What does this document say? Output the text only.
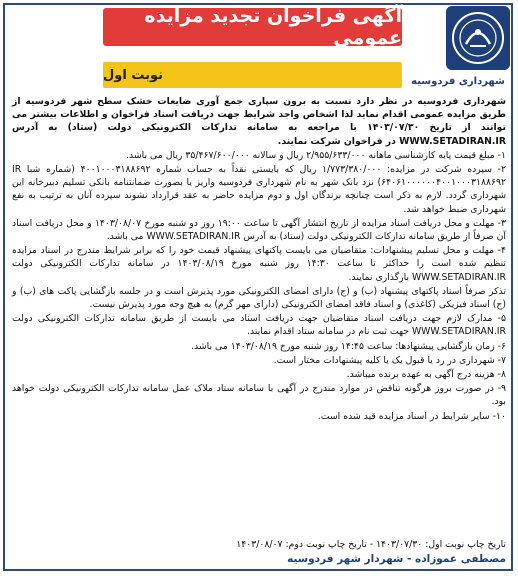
شهرداری فردوسیه
آگهی فراخوان تجدید مزایده عمومی
نوبت اول

شهرداری فردوسیه در نظر دارد نسبت به برون سپاری جمع آوری ضایعات خشک سطح شهر فردوسیه از طریق مزایده عمومی اقدام نماید لذا اشخاص واجد شرایط جهت دریافت اسناد فراخوان و اطلاعات بیشتر می توانند از تاریخ ۱۴۰۳/۰۷/۳۰ با مراجعه به سامانه تدارکات الکترونیکی دولت (ستاد) به آدرس WWW.SETADIRAN.IR در فراخوان شرکت نمایند.

۱- مبلغ قیمت پایه کارشناسی ماهانه ۲/۹۵۵/۶۳۳/۰۰۰ ریال و سالانه ۳۵/۴۶۷/۶۰۰/۰۰۰ ریال می باشد.

۲- سپرده شرکت در مزایده: ۱/۷۷۳/۳۸۰/۰۰۰ ریال که بایستی نقداً به حساب شماره ۴۰۰۱۰۰۰۳۱۸۸۶۹۲ (شماره شبا IR ۶۴۰۶۱۰۰۰۰۰۰۴۰۰۱۰۰۰۳۱۸۸۶۹۲) نزد بانک شهر به نام شهرداری فردوسیه واریز یا بصورت ضمانتنامه بانکی تسلیم دبیرخانه این شهرداری گردد. لازم به ذکر است چنانچه برندگان اول و دوم مزایده حاضر به عقد قرارداد نشوند سپرده آنان به ترتیب به نفع شهرداری ضبط خواهد شد.

۳- مهلت و محل دریافت اسناد مزایده از تاریخ انتشار آگهی تا ساعت ۱۹:۰۰ روز دو شنبه مورخ ۱۴۰۳/۰۸/۰۷ و محل دریافت اسناد آن صرفاً از طریق سامانه تدارکات الکترونیکی دولت (ستاد) به آدرس WWW.SETADIRAN.IR می باشد.

۴- مهلت و محل تسلیم پیشنهادات: متقاضیان می بایست پاکتهای پیشنهاد قیمت خود را که برابر شرایط مندرج در اسناد مزایده تنظیم شده است را حداکثر تا ساعت ۱۴:۳۰ روز شنبه مورخ ۱۴۰۳/۰۸/۱۹ در سامانه تدارکات الکترونیکی دولت WWW.SETADIRAN.IR بارگذاری نمایند.

تذکر صرفاً اسناد پاکتهای پیشنهاد (ب) و (ج) دارای امضای الکترونیکی مورد پذیرش است و در جلسه بازگشایی پاکت های (ب) و (ج) اسناد فیزیکی (کاغذی) و اسناد فاقد امضای الکترونیکی (دارای مهر گرم) به هیچ وجه مورد پذیرش نیست.

۵- مدارک لازم جهت دریافت اسناد متقاضیان جهت دریافت اسناد می بایست از طریق سامانه تدارکات الکترونیکی دولت WWW.SETADIRAN.IR جهت ثبت نام در سامانه ستاد اقدام نمایند.

۶- زمان بازگشایی پیشنهادها: ساعت ۱۴:۴۵ روز شنبه مورخ ۱۴۰۳/۰۸/۱۹ می باشد.

۷- شهرداری در رد یا قبول یک یا کلیه پیشنهادات مختار است.

۸- هزینه درج آگهی به عهده برنده میباشد.

۹- در صورت بروز هرگونه تناقض در موارد مندرج در آگهی با سامانه ستاد ملاک عمل سامانه تدارکات الکترونیکی دولت خواهد بود.

۱۰- سایر شرایط در اسناد مزایده قید شده است.

تاریخ چاپ نوبت اول: ۱۴۰۳/۰۷/۳۰ - تاریخ چاپ نوبت دوم: ۱۴۰۳/۰۸/۰۷
مصطفی عموزاده - شهردار شهر فردوسیه
